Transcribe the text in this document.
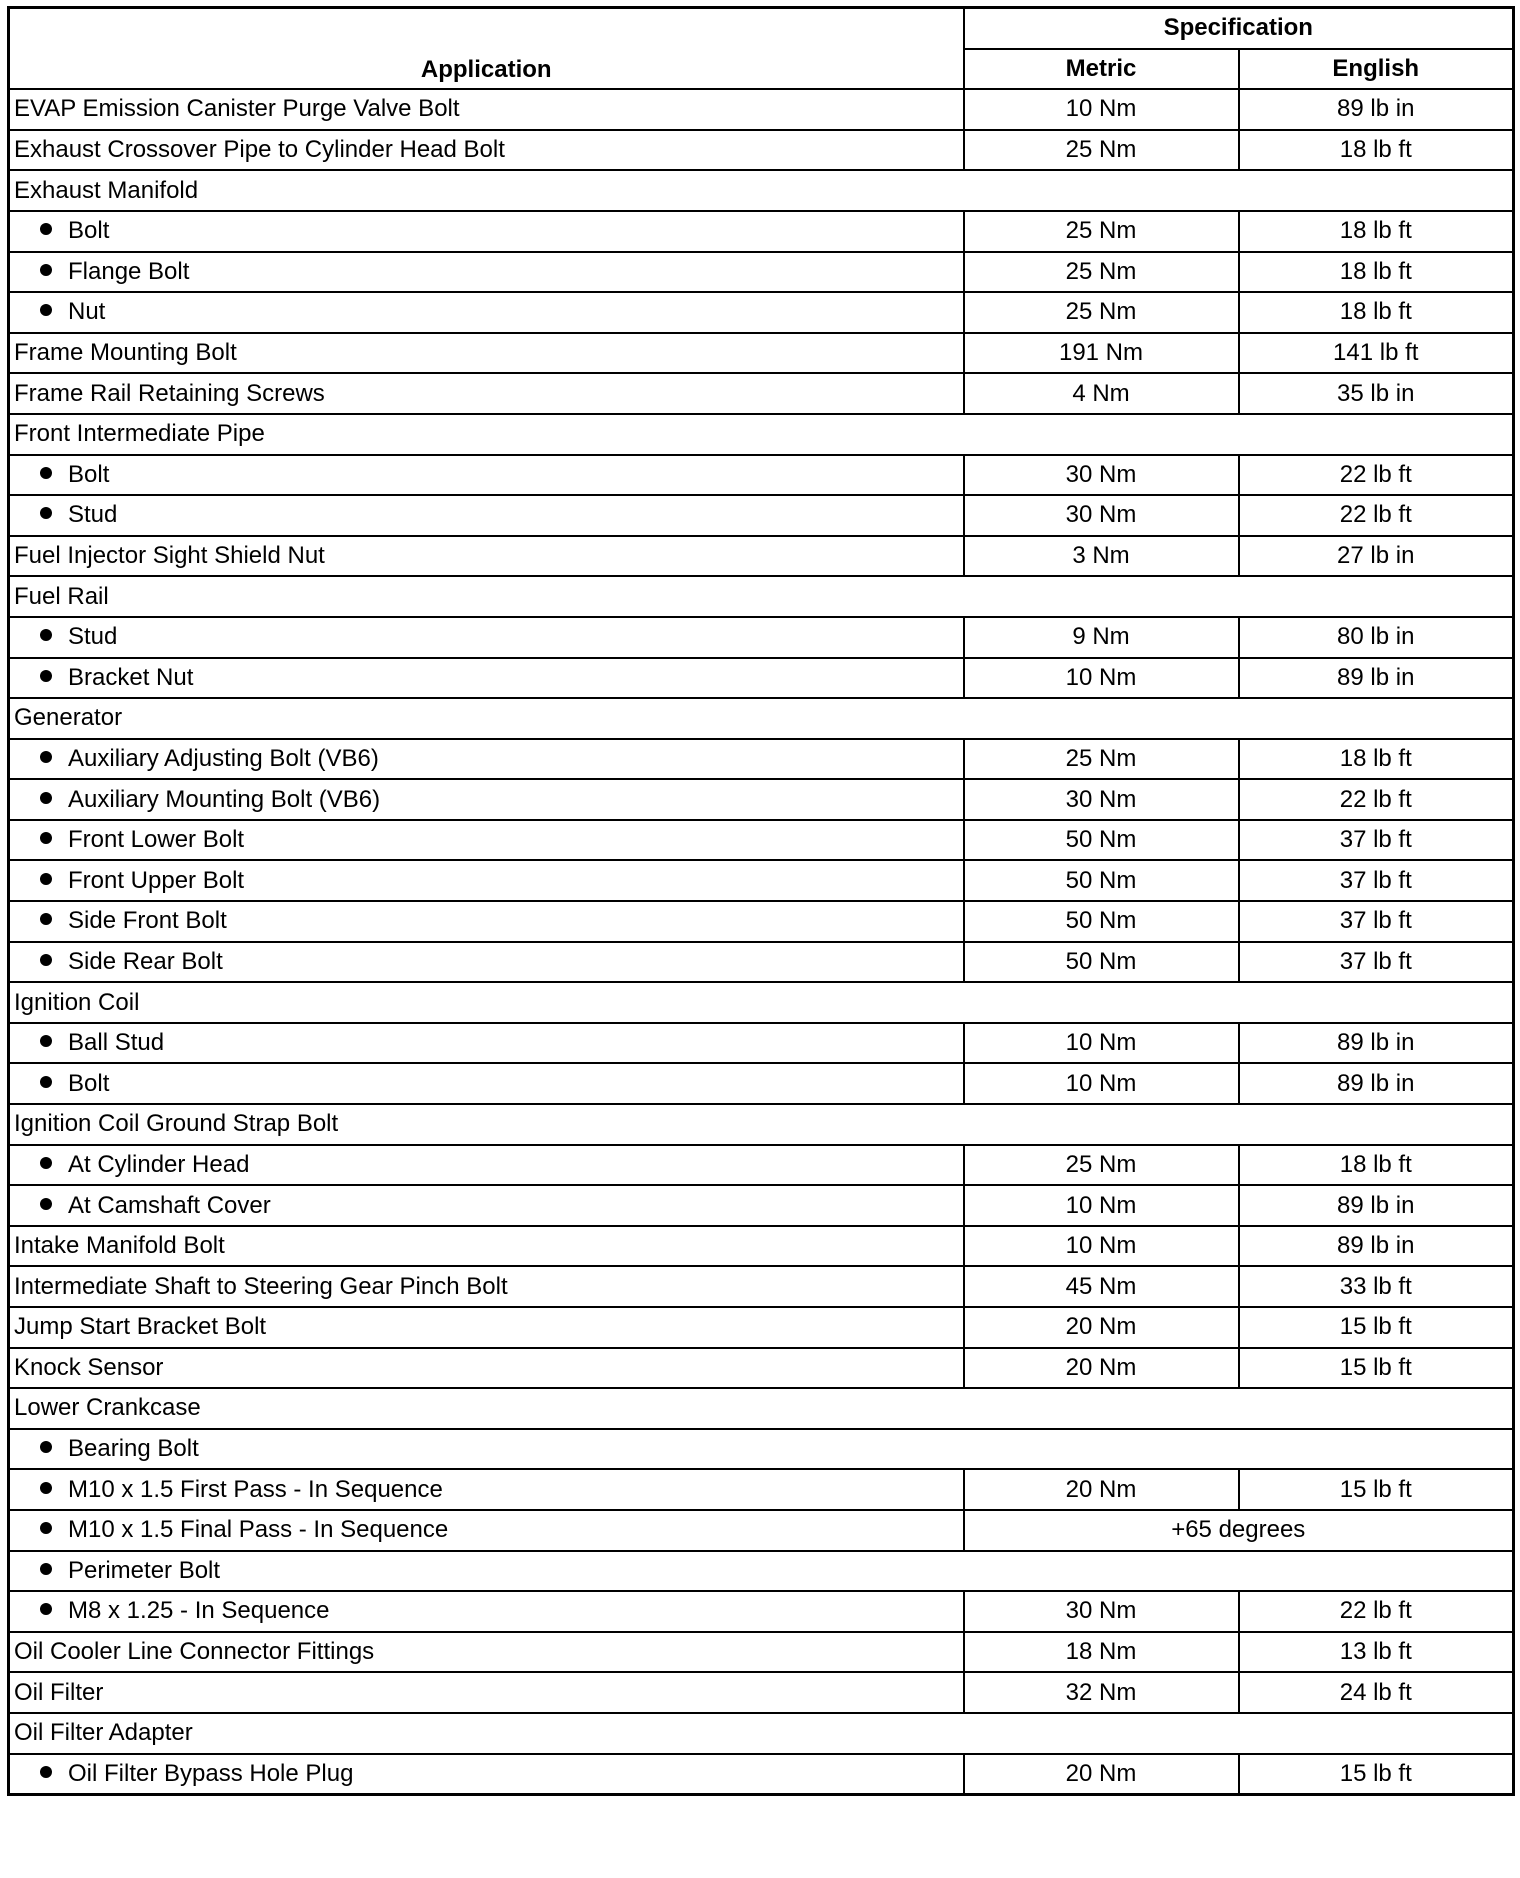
Application	Specification	
	Metric	English
EVAP Emission Canister Purge Valve Bolt	10 Nm	89 lb in
Exhaust Crossover Pipe to Cylinder Head Bolt	25 Nm	18 lb ft
Exhaust Manifold		
Bolt	25 Nm	18 lb ft
Flange Bolt	25 Nm	18 lb ft
Nut	25 Nm	18 lb ft
Frame Mounting Bolt	191 Nm	141 lb ft
Frame Rail Retaining Screws	4 Nm	35 lb in
Front Intermediate Pipe		
Bolt	30 Nm	22 lb ft
Stud	30 Nm	22 lb ft
Fuel Injector Sight Shield Nut	3 Nm	27 lb in
Fuel Rail		
Stud	9 Nm	80 lb in
Bracket Nut	10 Nm	89 lb in
Generator		
Auxiliary Adjusting Bolt (VB6)	25 Nm	18 lb ft
Auxiliary Mounting Bolt (VB6)	30 Nm	22 lb ft
Front Lower Bolt	50 Nm	37 lb ft
Front Upper Bolt	50 Nm	37 lb ft
Side Front Bolt	50 Nm	37 lb ft
Side Rear Bolt	50 Nm	37 lb ft
Ignition Coil		
Ball Stud	10 Nm	89 lb in
Bolt	10 Nm	89 lb in
Ignition Coil Ground Strap Bolt		
At Cylinder Head	25 Nm	18 lb ft
At Camshaft Cover	10 Nm	89 lb in
Intake Manifold Bolt	10 Nm	89 lb in
Intermediate Shaft to Steering Gear Pinch Bolt	45 Nm	33 lb ft
Jump Start Bracket Bolt	20 Nm	15 lb ft
Knock Sensor	20 Nm	15 lb ft
Lower Crankcase		
Bearing Bolt		
M10 x 1.5 First Pass - In Sequence	20 Nm	15 lb ft
M10 x 1.5 Final Pass - In Sequence	+65 degrees	
Perimeter Bolt		
M8 x 1.25 - In Sequence	30 Nm	22 lb ft
Oil Cooler Line Connector Fittings	18 Nm	13 lb ft
Oil Filter	32 Nm	24 lb ft
Oil Filter Adapter		
Oil Filter Bypass Hole Plug	20 Nm	15 lb ft
